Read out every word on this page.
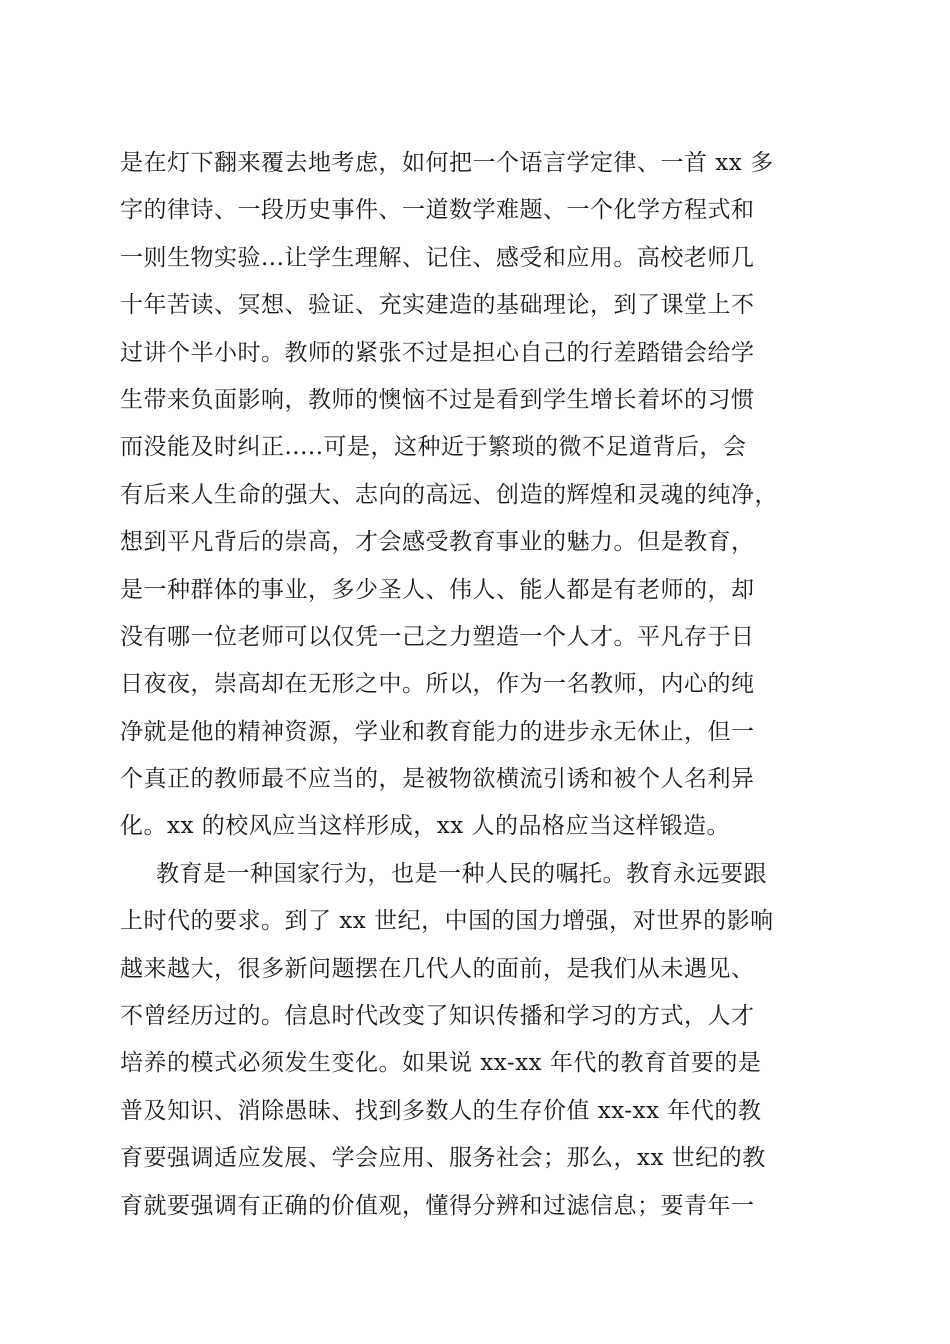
是在灯下翻来覆去地考虑，如何把一个语言学定律、一首 xx 多
字的律诗、一段历史事件、一道数学难题、一个化学方程式和
一则生物实验...让学生理解、记住、感受和应用。高校老师几
十年苦读、冥想、验证、充实建造的基础理论，到了课堂上不
过讲个半小时。教师的紧张不过是担心自己的行差踏错会给学
生带来负面影响，教师的懊恼不过是看到学生增长着坏的习惯
而没能及时纠正.....可是，这种近于繁琐的微不足道背后，会
有后来人生命的强大、志向的高远、创造的辉煌和灵魂的纯净，
想到平凡背后的崇高，才会感受教育事业的魅力。但是教育，
是一种群体的事业，多少圣人、伟人、能人都是有老师的，却
没有哪一位老师可以仅凭一己之力塑造一个人才。平凡存于日
日夜夜，崇高却在无形之中。所以，作为一名教师，内心的纯
净就是他的精神资源，学业和教育能力的进步永无休止，但一
个真正的教师最不应当的，是被物欲横流引诱和被个人名利异
化。xx 的校风应当这样形成，xx 人的品格应当这样锻造。
教育是一种国家行为，也是一种人民的嘱托。教育永远要跟
上时代的要求。到了 xx 世纪，中国的国力增强，对世界的影响
越来越大，很多新问题摆在几代人的面前，是我们从未遇见、
不曾经历过的。信息时代改变了知识传播和学习的方式，人才
培养的模式必须发生变化。如果说 xx-xx 年代的教育首要的是
普及知识、消除愚昧、找到多数人的生存价值 xx-xx 年代的教
育要强调适应发展、学会应用、服务社会；那么，xx 世纪的教
育就要强调有正确的价值观，懂得分辨和过滤信息；要青年一
